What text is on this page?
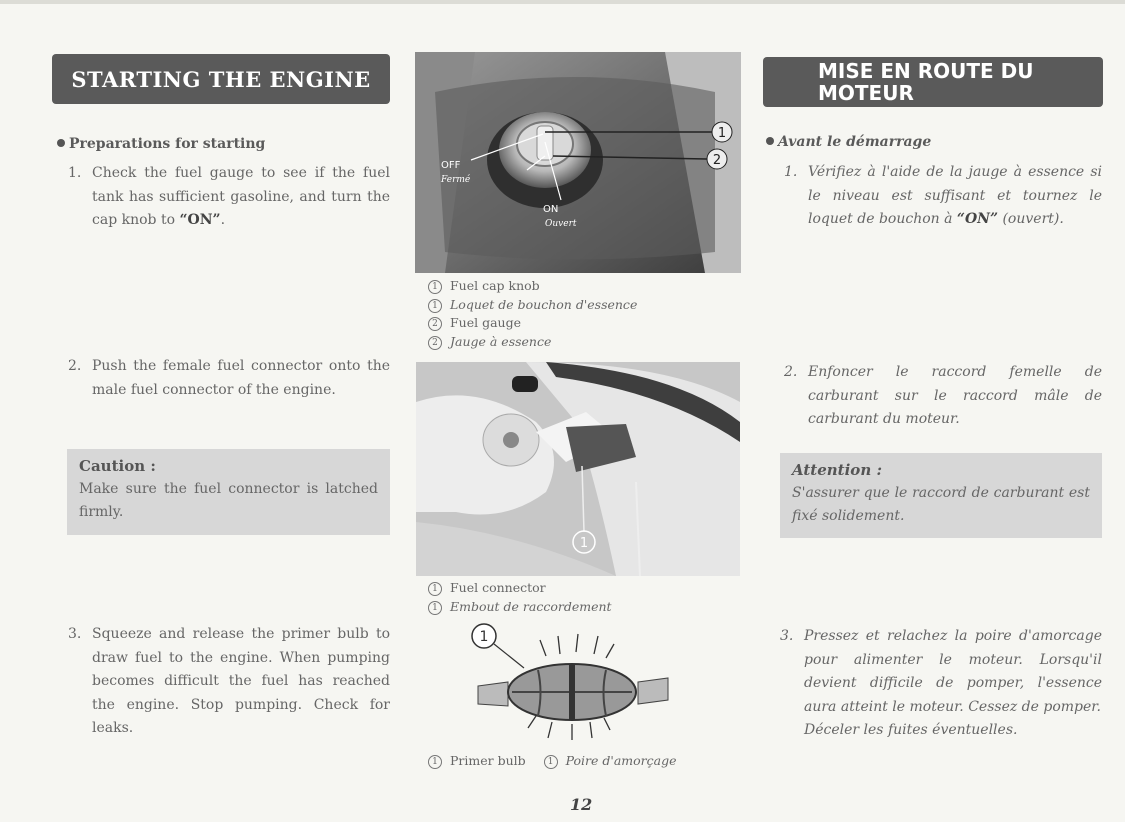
STARTING THE ENGINE
Preparations for starting
1. Check the fuel gauge to see if the fuel tank has sufficient gasoline, and turn the cap knob to “ON”.
2. Push the female fuel connector onto the male fuel connector of the engine.
Caution :
Make sure the fuel connector is latched firmly.
3. Squeeze and release the primer bulb to draw fuel to the engine. When pumping becomes difficult the fuel has reached the engine. Stop pumping. Check for leaks.
1
2
OFF
Fermé
ON
Ouvert
1 Fuel cap knob
1 Loquet de bouchon d'essence
2 Fuel gauge
2 Jauge à essence
1
1 Fuel connector
1 Embout de raccordement
1
1 Primer bulb 1 Poire d'amorçage
MISE EN ROUTE DU MOTEUR
Avant le démarrage
1. Vérifiez à l'aide de la jauge à essence si le niveau est suffisant et tournez le loquet de bouchon à “ON” (ouvert).
2. Enfoncer le raccord femelle de carburant sur le raccord mâle de carburant du moteur.
Attention :
S'assurer que le raccord de carburant est fixé solidement.
3. Pressez et relachez la poire d'amorcage pour alimenter le moteur. Lorsqu'il devient difficile de pomper, l'essence aura atteint le moteur. Cessez de pomper.
Déceler les fuites éventuelles.
12
